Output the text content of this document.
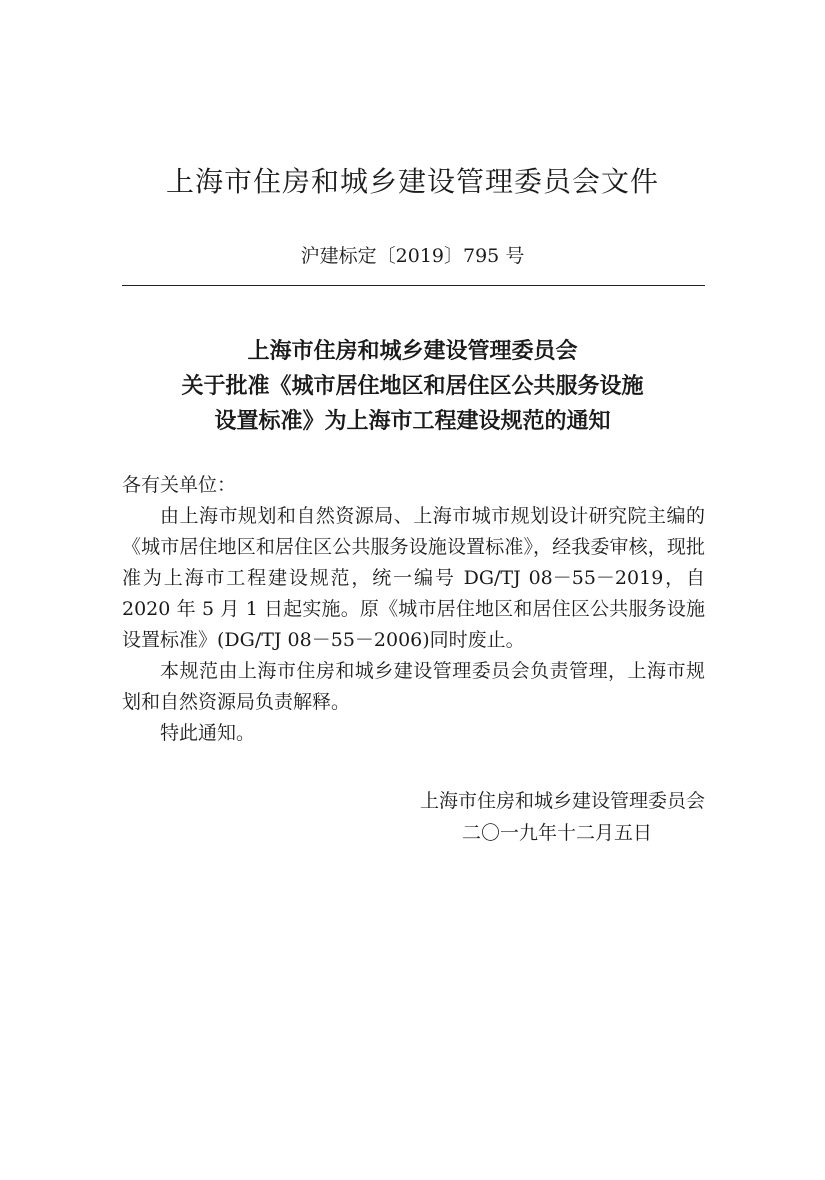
上海市住房和城乡建设管理委员会文件
沪建标定〔2019〕795 号
上海市住房和城乡建设管理委员会
关于批准《城市居住地区和居住区公共服务设施
设置标准》为上海市工程建设规范的通知

各有关单位：

由上海市规划和自然资源局、上海市城市规划设计研究院主编的《城市居住地区和居住区公共服务设施设置标准》，经我委审核，现批准为上海市工程建设规范，统一编号 DG/TJ 08－55－2019，自 2020 年 5 月 1 日起实施。原《城市居住地区和居住区公共服务设施设置标准》(DG/TJ 08－55－2006)同时废止。

本规范由上海市住房和城乡建设管理委员会负责管理，上海市规划和自然资源局负责解释。

特此通知。

上海市住房和城乡建设管理委员会
二〇一九年十二月五日
